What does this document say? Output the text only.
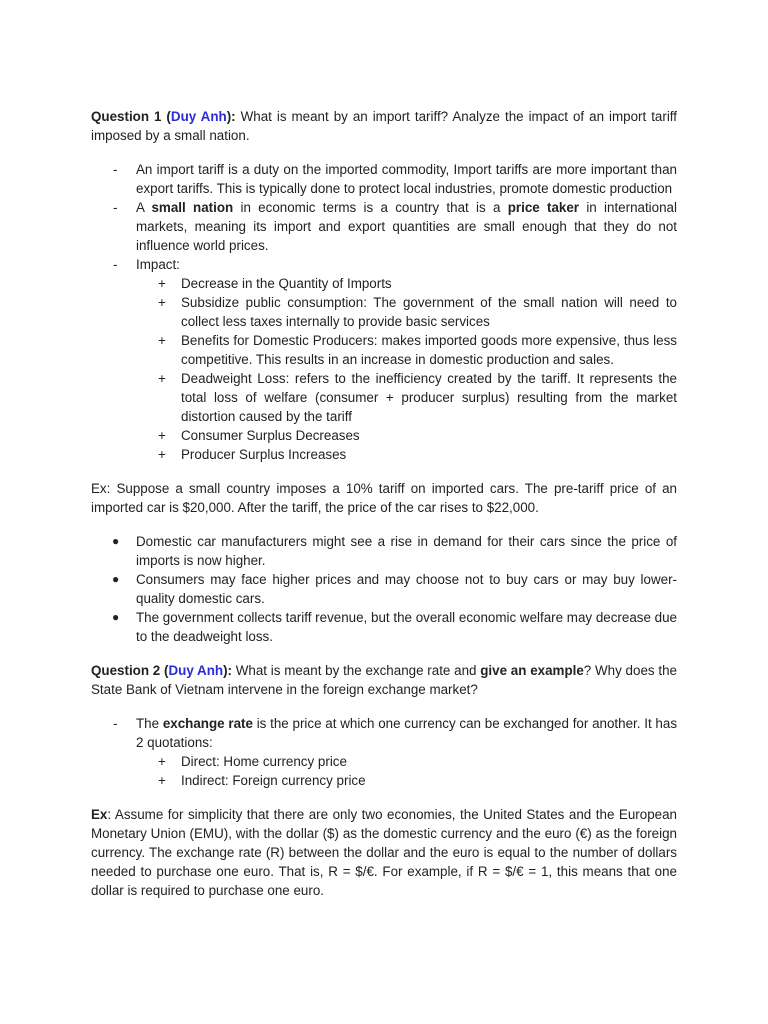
Question 1 (Duy Anh): What is meant by an import tariff? Analyze the impact of an import tariff imposed by a small nation.

- An import tariff is a duty on the imported commodity, Import tariffs are more important than export tariffs. This is typically done to protect local industries, promote domestic production
- A small nation in economic terms is a country that is a price taker in international markets, meaning its import and export quantities are small enough that they do not influence world prices.
- Impact:
+ Decrease in the Quantity of Imports
+ Subsidize public consumption: The government of the small nation will need to collect less taxes internally to provide basic services
+ Benefits for Domestic Producers: makes imported goods more expensive, thus less competitive. This results in an increase in domestic production and sales.
+ Deadweight Loss: refers to the inefficiency created by the tariff. It represents the total loss of welfare (consumer + producer surplus) resulting from the market distortion caused by the tariff
+ Consumer Surplus Decreases
+ Producer Surplus Increases

Ex: Suppose a small country imposes a 10% tariff on imported cars. The pre-tariff price of an imported car is $20,000. After the tariff, the price of the car rises to $22,000.

● Domestic car manufacturers might see a rise in demand for their cars since the price of imports is now higher.
● Consumers may face higher prices and may choose not to buy cars or may buy lower-quality domestic cars.
● The government collects tariff revenue, but the overall economic welfare may decrease due to the deadweight loss.

Question 2 (Duy Anh): What is meant by the exchange rate and give an example? Why does the State Bank of Vietnam intervene in the foreign exchange market?

- The exchange rate is the price at which one currency can be exchanged for another. It has 2 quotations:
+ Direct: Home currency price
+ Indirect: Foreign currency price

Ex: Assume for simplicity that there are only two economies, the United States and the European Monetary Union (EMU), with the dollar ($) as the domestic currency and the euro (€) as the foreign currency. The exchange rate (R) between the dollar and the euro is equal to the number of dollars needed to purchase one euro. That is, R = $/€. For example, if R = $/€ = 1, this means that one dollar is required to purchase one euro.
